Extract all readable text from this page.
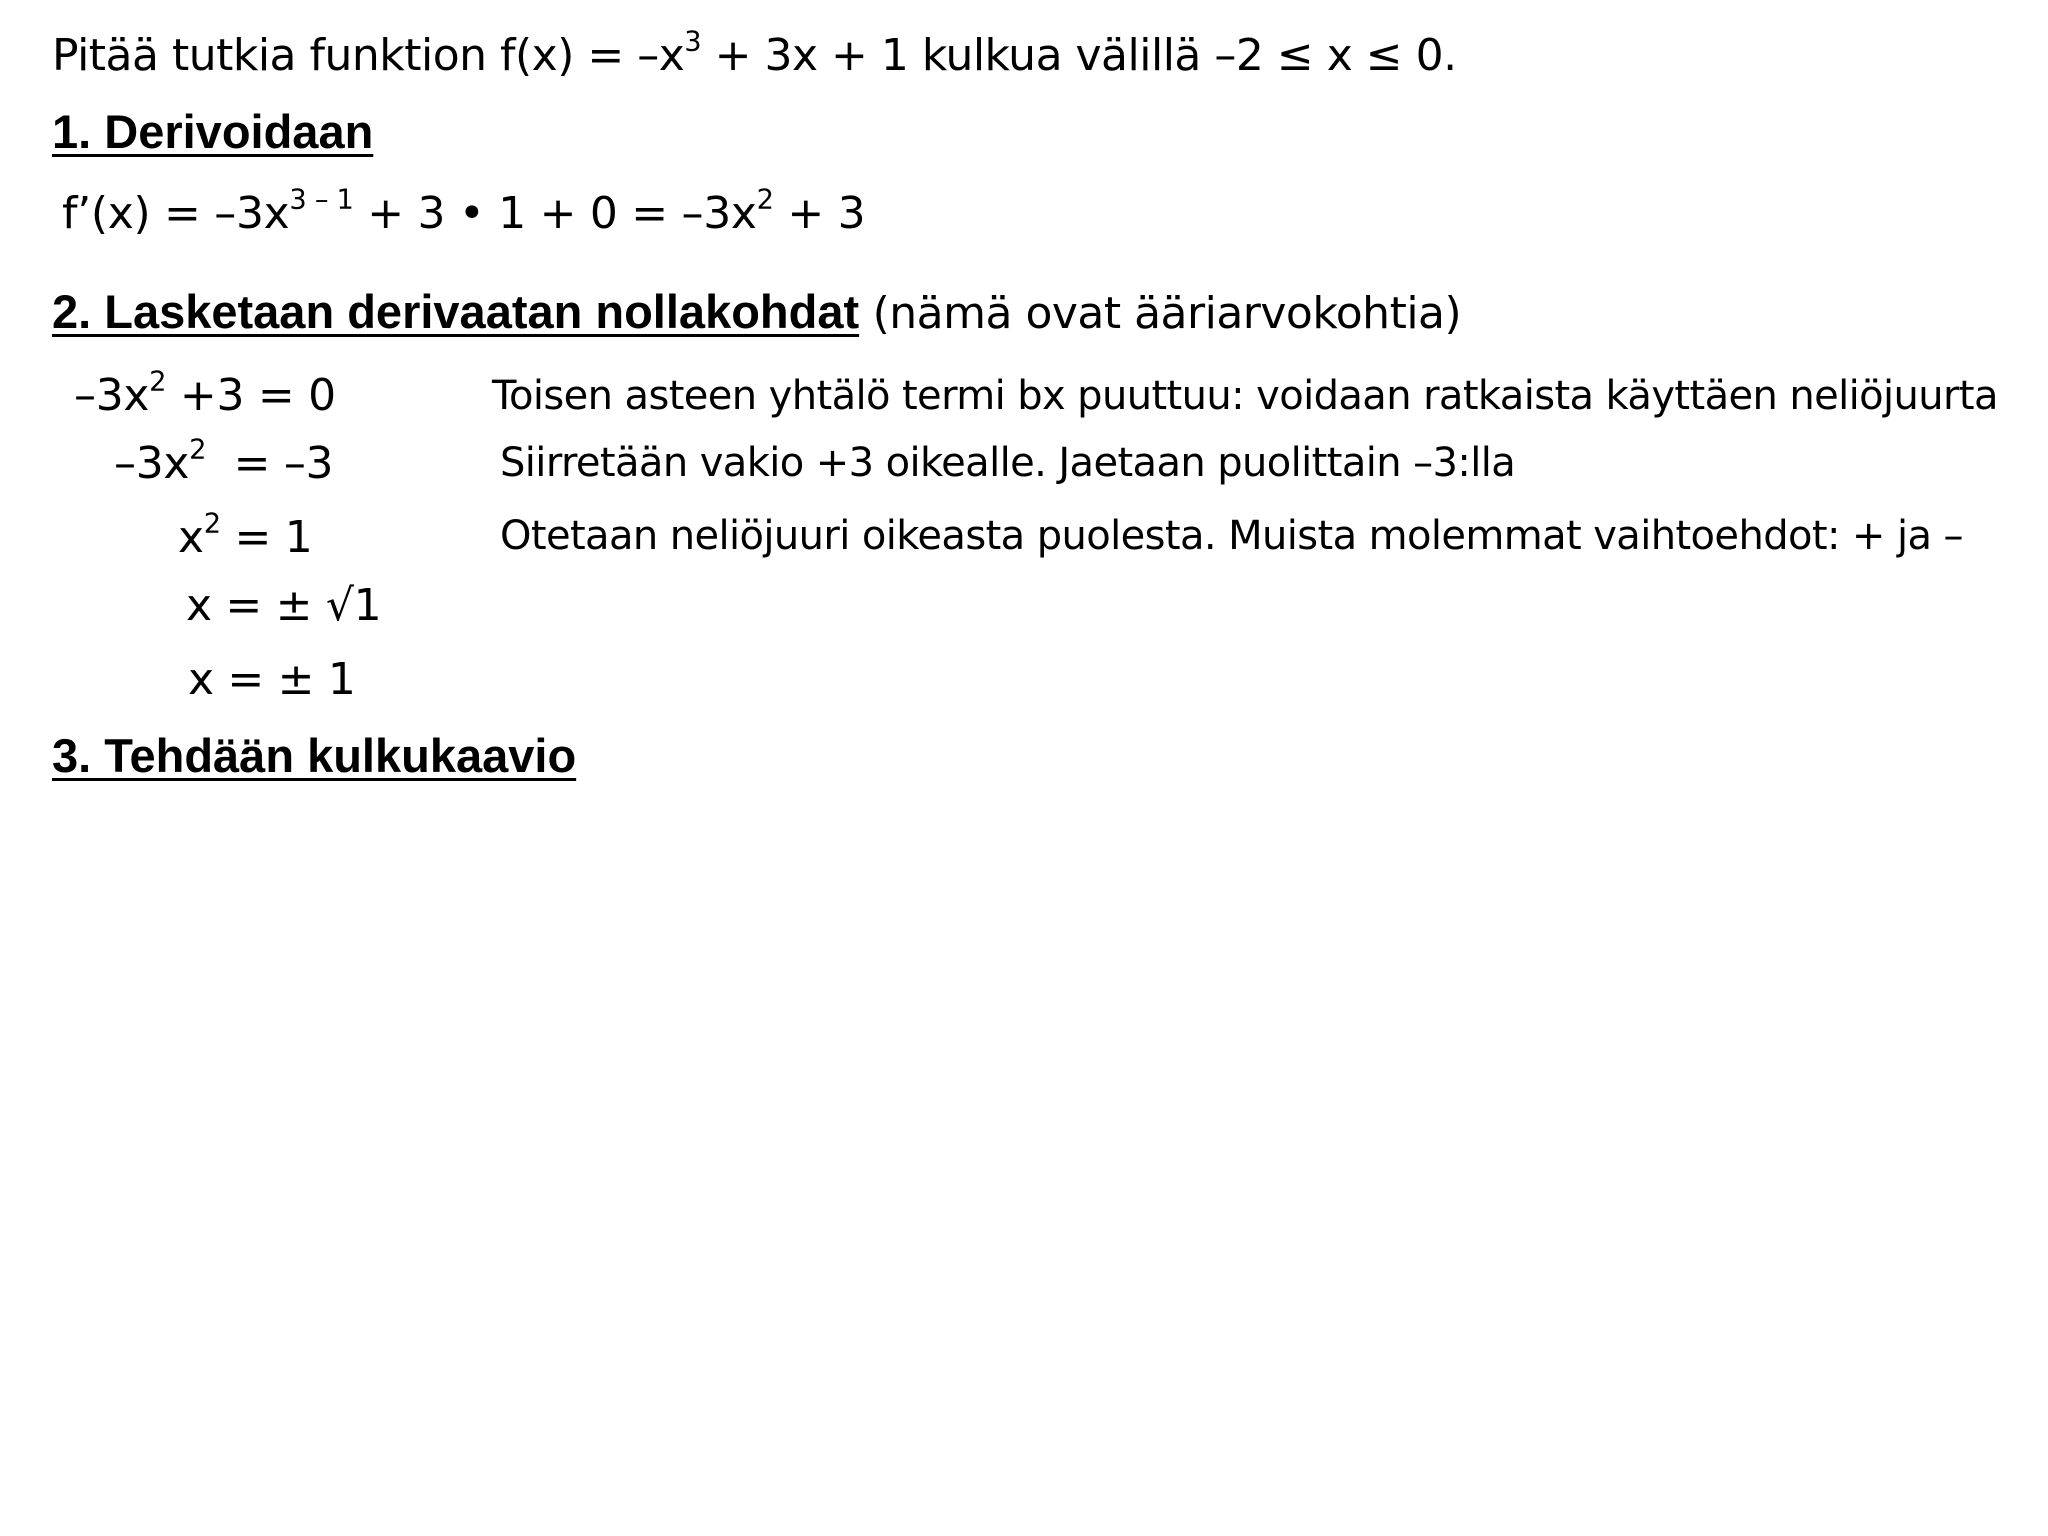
Pitää tutkia funktion $f(x) = -x^3 + 3x + 1$ kulkua välillä –2 ≤ x ≤ 0.
1. Derivoidaan
f’(x) = $-3x^{3 - 1} + 3$ • $1 + 0 = -3x^2 + 3$
2. Lasketaan derivaatan nollakohdat (nämä ovat ääriarvokohtia)
$-3x^2 +3 = 0$	Toisen asteen yhtälö termi bx puuttuu: voidaan ratkaista käyttäen neliöjuurta
$-3x^2 = -3$	Siirretään vakio +3 oikealle. Jaetaan puolittain –3:lla
$x^2 = 1$	Otetaan neliöjuuri oikeasta puolesta. Muista molemmat vaihtoehdot: + ja –
x = ± √1
x = ± 1
3. Tehdään kulkukaavio
